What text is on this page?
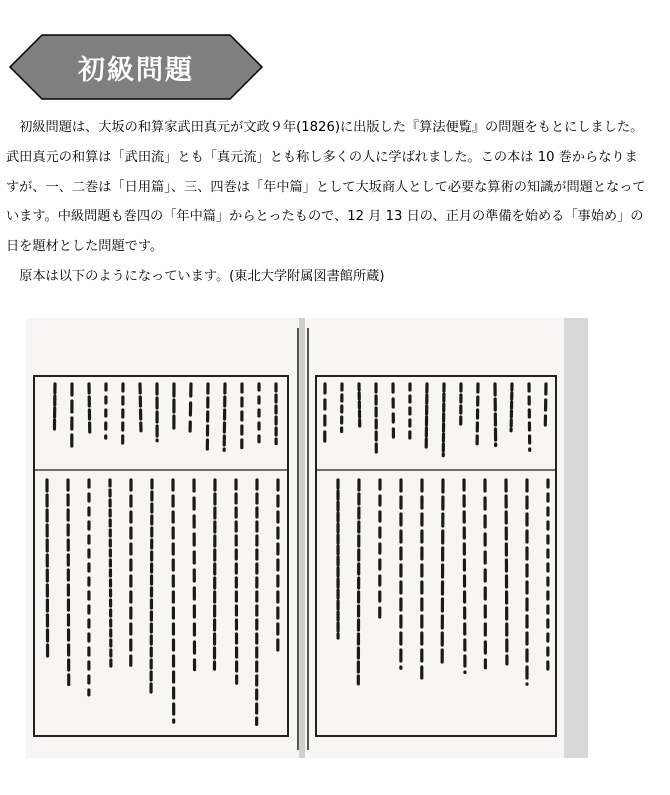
初級問題

初級問題は、大坂の和算家武田真元が文政９年(1826)に出版した『算法便覧』の問題をもとにしました。武田真元の和算は「武田流」とも「真元流」とも称し多くの人に学ばれました。この本は 10 巻からなりますが、一、二巻は「日用篇」、三、四巻は「年中篇」として大坂商人として必要な算術の知識が問題となっています。中級問題も巻四の「年中篇」からとったもので、12 月 13 日の、正月の準備を始める「事始め」の日を題材とした問題です。

原本は以下のようになっています。(東北大学附属図書館所蔵)
